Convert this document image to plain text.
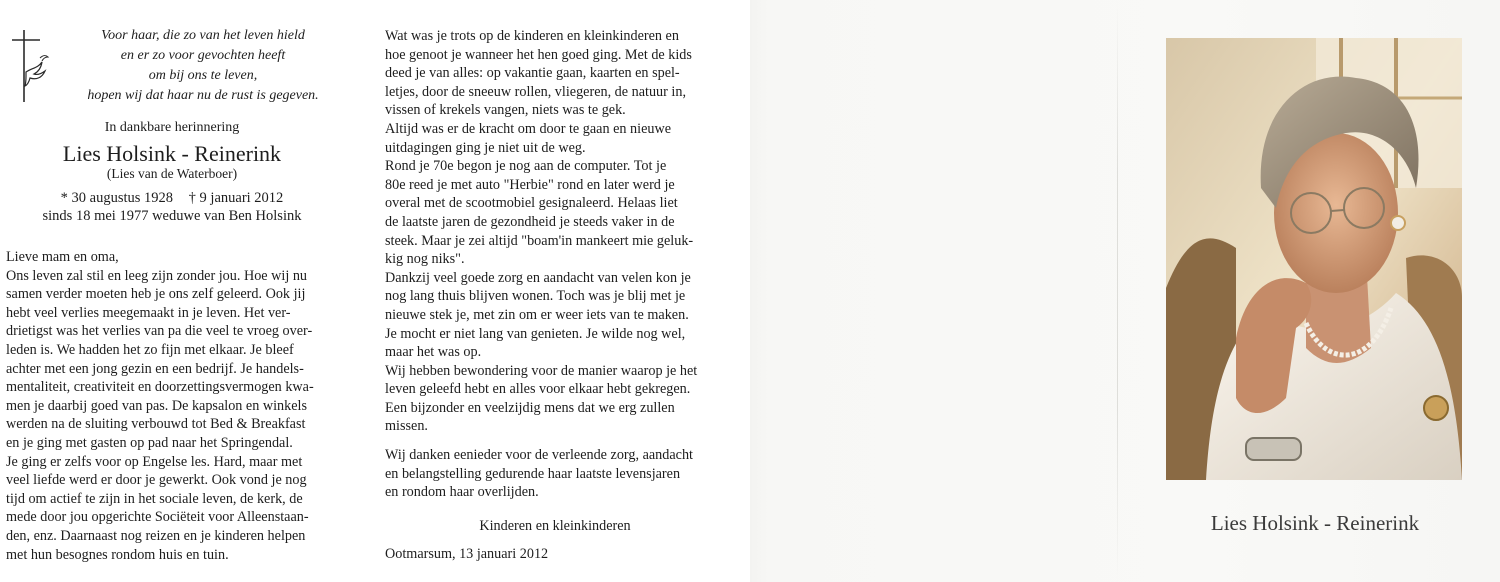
Voor haar, die zo van het leven hield
en er zo voor gevochten heeft
om bij ons te leven,
hopen wij dat haar nu de rust is gegeven.
In dankbare herinnering
Lies Holsink - Reinerink
(Lies van de Waterboer)
* 30 augustus 1928 † 9 januari 2012
sinds 18 mei 1977 weduwe van Ben Holsink
Lieve mam en oma,
Ons leven zal stil en leeg zijn zonder jou. Hoe wij nu
samen verder moeten heb je ons zelf geleerd. Ook jij
hebt veel verlies meegemaakt in je leven. Het ver-
drietigst was het verlies van pa die veel te vroeg over-
leden is. We hadden het zo fijn met elkaar. Je bleef
achter met een jong gezin en een bedrijf. Je handels-
mentaliteit, creativiteit en doorzettingsvermogen kwa-
men je daarbij goed van pas. De kapsalon en winkels
werden na de sluiting verbouwd tot Bed & Breakfast
en je ging met gasten op pad naar het Springendal.
Je ging er zelfs voor op Engelse les. Hard, maar met
veel liefde werd er door je gewerkt. Ook vond je nog
tijd om actief te zijn in het sociale leven, de kerk, de
mede door jou opgerichte Sociëteit voor Alleenstaan-
den, enz. Daarnaast nog reizen en je kinderen helpen
met hun besognes rondom huis en tuin.
Wat was je trots op de kinderen en kleinkinderen en
hoe genoot je wanneer het hen goed ging. Met de kids
deed je van alles: op vakantie gaan, kaarten en spel-
letjes, door de sneeuw rollen, vliegeren, de natuur in,
vissen of krekels vangen, niets was te gek.
Altijd was er de kracht om door te gaan en nieuwe
uitdagingen ging je niet uit de weg.
Rond je 70e begon je nog aan de computer. Tot je
80e reed je met auto "Herbie" rond en later werd je
overal met de scootmobiel gesignaleerd. Helaas liet
de laatste jaren de gezondheid je steeds vaker in de
steek. Maar je zei altijd "boam'in mankeert mie geluk-
kig nog niks".
Dankzij veel goede zorg en aandacht van velen kon je
nog lang thuis blijven wonen. Toch was je blij met je
nieuwe stek je, met zin om er weer iets van te maken.
Je mocht er niet lang van genieten. Je wilde nog wel,
maar het was op.
Wij hebben bewondering voor de manier waarop je het
leven geleefd hebt en alles voor elkaar hebt gekregen.
Een bijzonder en veelzijdig mens dat we erg zullen
missen.
Wij danken eenieder voor de verleende zorg, aandacht
en belangstelling gedurende haar laatste levensjaren
en rondom haar overlijden.
Kinderen en kleinkinderen
Ootmarsum, 13 januari 2012
Lies Holsink - Reinerink
